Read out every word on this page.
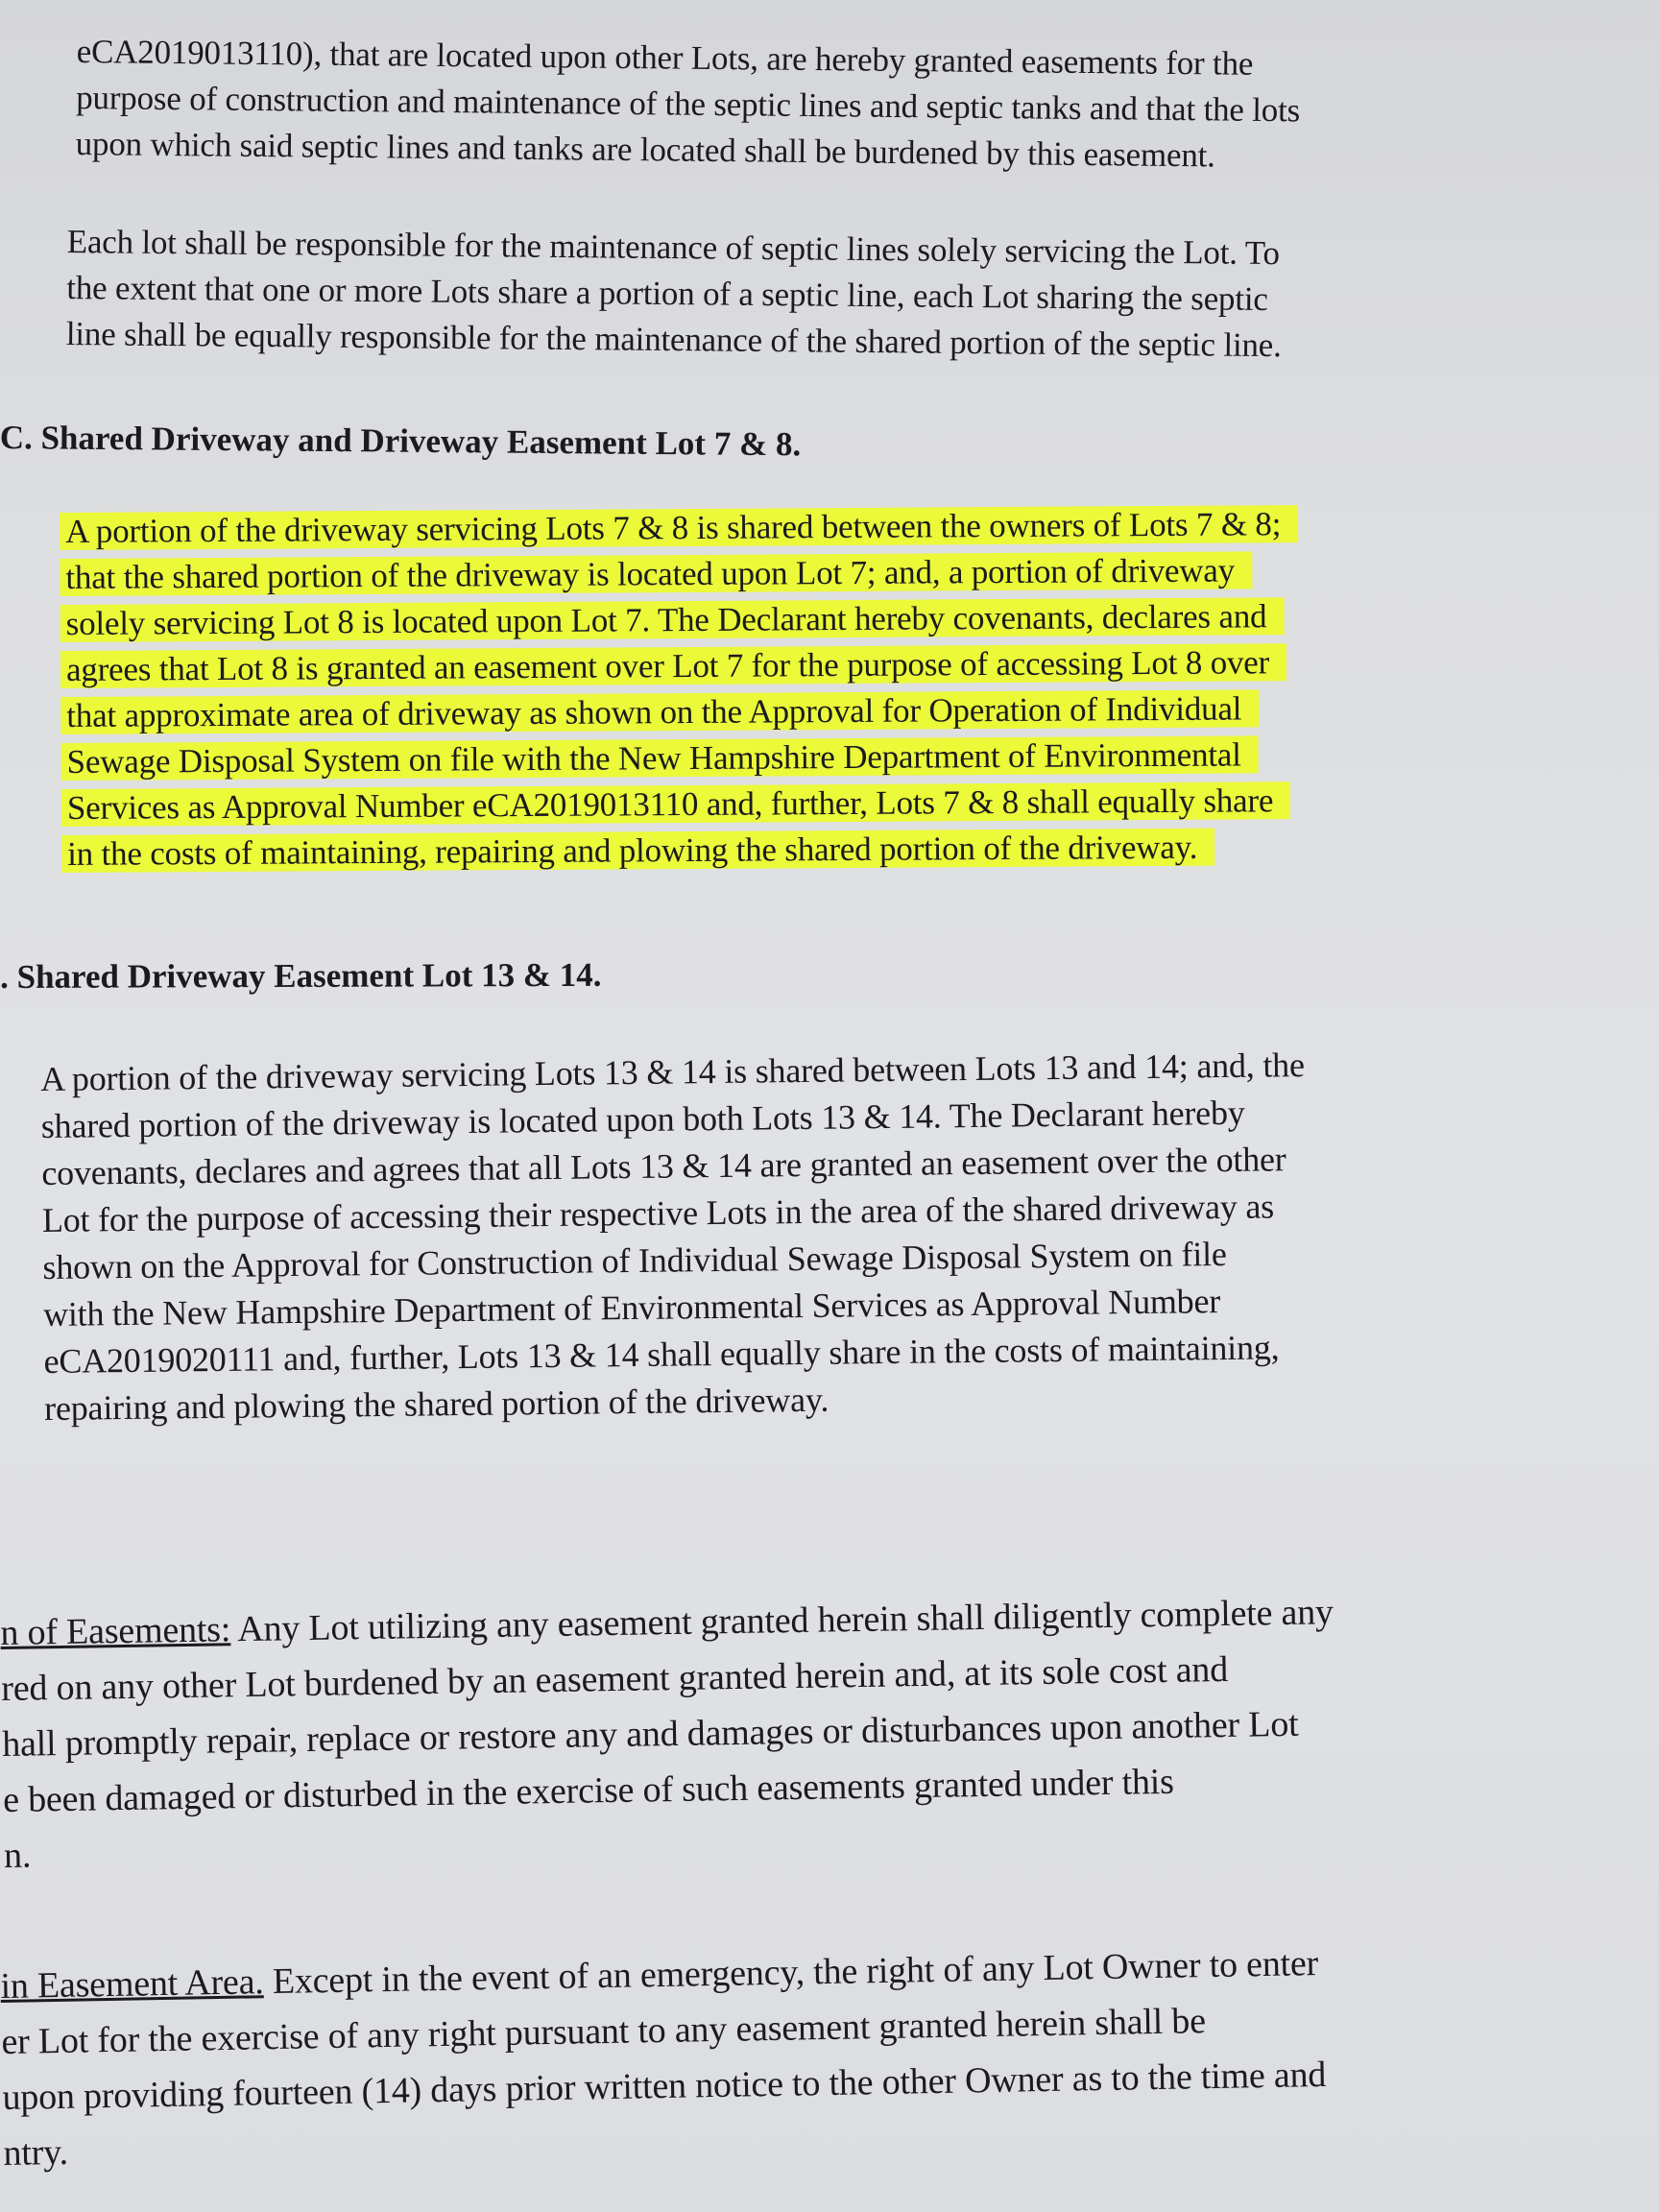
eCA2019013110), that are located upon other Lots, are hereby granted easements for the
purpose of construction and maintenance of the septic lines and septic tanks and that the lots
upon which said septic lines and tanks are located shall be burdened by this easement.
Each lot shall be responsible for the maintenance of septic lines solely servicing the Lot. To
the extent that one or more Lots share a portion of a septic line, each Lot sharing the septic
line shall be equally responsible for the maintenance of the shared portion of the septic line.
C. Shared Driveway and Driveway Easement Lot 7 & 8.
A portion of the driveway servicing Lots 7 & 8 is shared between the owners of Lots 7 & 8;
that the shared portion of the driveway is located upon Lot 7; and, a portion of driveway
solely servicing Lot 8 is located upon Lot 7. The Declarant hereby covenants, declares and
agrees that Lot 8 is granted an easement over Lot 7 for the purpose of accessing Lot 8 over
that approximate area of driveway as shown on the Approval for Operation of Individual
Sewage Disposal System on file with the New Hampshire Department of Environmental
Services as Approval Number eCA2019013110 and, further, Lots 7 & 8 shall equally share
in the costs of maintaining, repairing and plowing the shared portion of the driveway.
. Shared Driveway Easement Lot 13 & 14.
A portion of the driveway servicing Lots 13 & 14 is shared between Lots 13 and 14; and, the
shared portion of the driveway is located upon both Lots 13 & 14. The Declarant hereby
covenants, declares and agrees that all Lots 13 & 14 are granted an easement over the other
Lot for the purpose of accessing their respective Lots in the area of the shared driveway as
shown on the Approval for Construction of Individual Sewage Disposal System on file
with the New Hampshire Department of Environmental Services as Approval Number
eCA2019020111 and, further, Lots 13 & 14 shall equally share in the costs of maintaining,
repairing and plowing the shared portion of the driveway.
n of Easements: Any Lot utilizing any easement granted herein shall diligently complete any
red on any other Lot burdened by an easement granted herein and, at its sole cost and
hall promptly repair, replace or restore any and damages or disturbances upon another Lot
e been damaged or disturbed in the exercise of such easements granted under this
n.
in Easement Area. Except in the event of an emergency, the right of any Lot Owner to enter
er Lot for the exercise of any right pursuant to any easement granted herein shall be
upon providing fourteen (14) days prior written notice to the other Owner as to the time and
ntry.
